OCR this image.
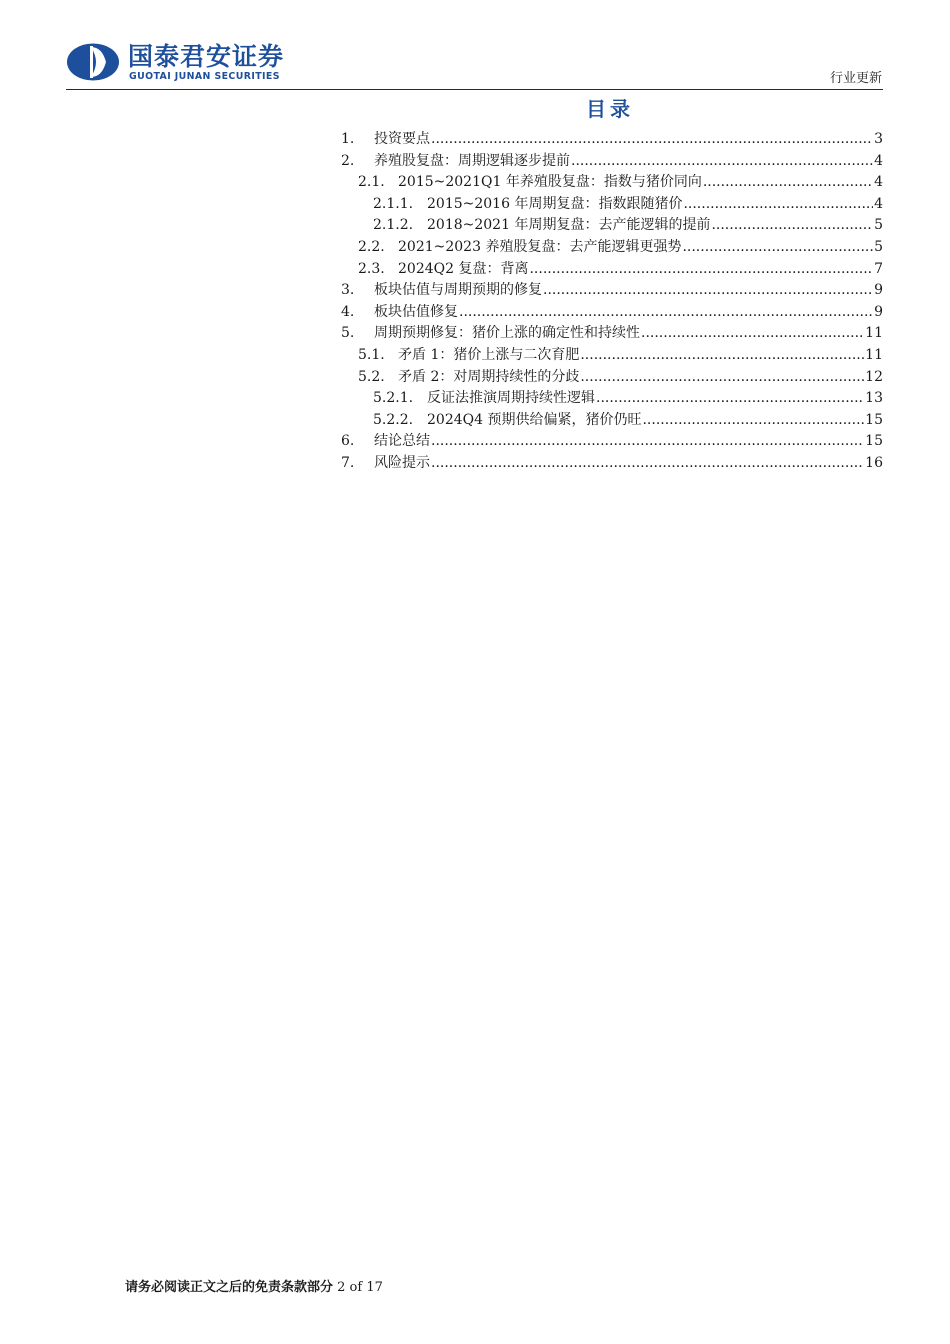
国泰君安证券
GUOTAI JUNAN SECURITIES	行业更新
目录
1.	投资要点 .....	3
2.	养殖股复盘：周期逻辑逐步提前 .....	4
2.1. 2015~2021Q1 年养殖股复盘：指数与猪价同向 .....	4
2.1.1. 2015~2016 年周期复盘：指数跟随猪价 .....	4
2.1.2. 2018~2021 年周期复盘：去产能逻辑的提前 .....	5
2.2. 2021~2023 养殖股复盘：去产能逻辑更强势 .....	5
2.3. 2024Q2 复盘：背离 .....	7
3.	板块估值与周期预期的修复 .....	9
4.	板块估值修复 .....	9
5.	周期预期修复：猪价上涨的确定性和持续性 .....	11
5.1. 矛盾 1：猪价上涨与二次育肥 .....	11
5.2. 矛盾 2：对周期持续性的分歧 .....	12
5.2.1. 反证法推演周期持续性逻辑 .....	13
5.2.2. 2024Q4 预期供给偏紧，猪价仍旺 .....	15
6.	结论总结 .....	15
7.	风险提示 .....	16
请务必阅读正文之后的免责条款部分 2 of 17
